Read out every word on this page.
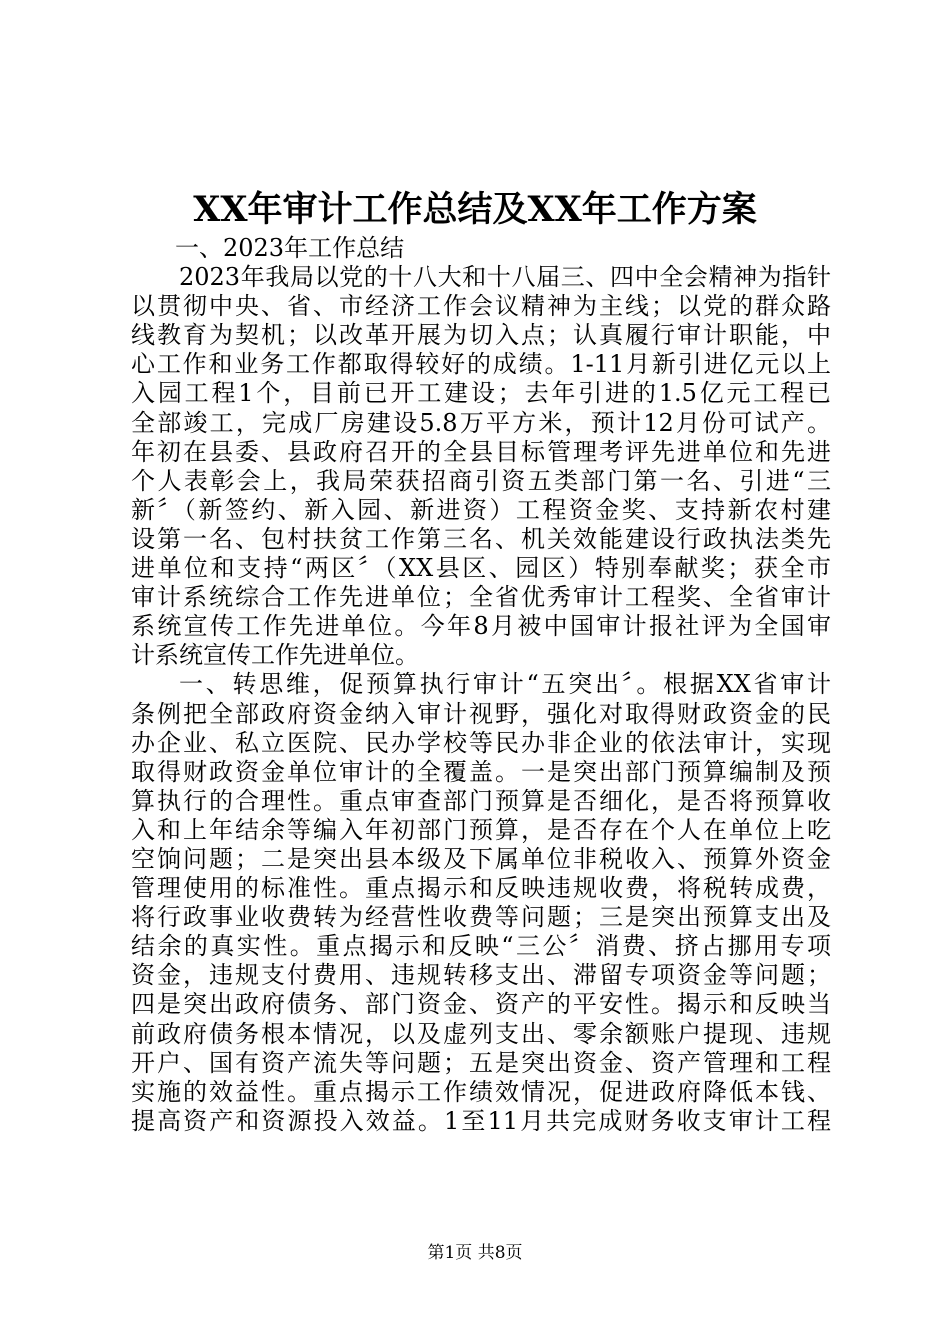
XX年审计工作总结及XX年工作方案
一、2023年工作总结
2023年我局以党的十八大和十八届三、四中全会精神为指针
以贯彻中央、省、市经济工作会议精神为主线；以党的群众路
线教育为契机；以改革开展为切入点；认真履行审计职能，中
心工作和业务工作都取得较好的成绩。1-11月新引进亿元以上
入园工程1个，目前已开工建设；去年引进的1.5亿元工程已
全部竣工，完成厂房建设5.8万平方米，预计12月份可试产。
年初在县委、县政府召开的全县目标管理考评先进单位和先进
个人表彰会上，我局荣获招商引资五类部门第一名、引进“三
新〞（新签约、新入园、新进资）工程资金奖、支持新农村建
设第一名、包村扶贫工作第三名、机关效能建设行政执法类先
进单位和支持“两区〞（XX县区、园区）特别奉献奖；获全市
审计系统综合工作先进单位；全省优秀审计工程奖、全省审计
系统宣传工作先进单位。今年8月被中国审计报社评为全国审
计系统宣传工作先进单位。
一、转思维，促预算执行审计“五突出〞。根据XX省审计
条例把全部政府资金纳入审计视野，强化对取得财政资金的民
办企业、私立医院、民办学校等民办非企业的依法审计，实现
取得财政资金单位审计的全覆盖。一是突出部门预算编制及预
算执行的合理性。重点审查部门预算是否细化，是否将预算收
入和上年结余等编入年初部门预算，是否存在个人在单位上吃
空饷问题；二是突出县本级及下属单位非税收入、预算外资金
管理使用的标准性。重点揭示和反映违规收费，将税转成费，
将行政事业收费转为经营性收费等问题；三是突出预算支出及
结余的真实性。重点揭示和反映“三公〞消费、挤占挪用专项
资金，违规支付费用、违规转移支出、滞留专项资金等问题；
四是突出政府债务、部门资金、资产的平安性。揭示和反映当
前政府债务根本情况，以及虚列支出、零余额账户提现、违规
开户、国有资产流失等问题；五是突出资金、资产管理和工程
实施的效益性。重点揭示工作绩效情况，促进政府降低本钱、
提高资产和资源投入效益。1至11月共完成财务收支审计工程
第1页 共8页
